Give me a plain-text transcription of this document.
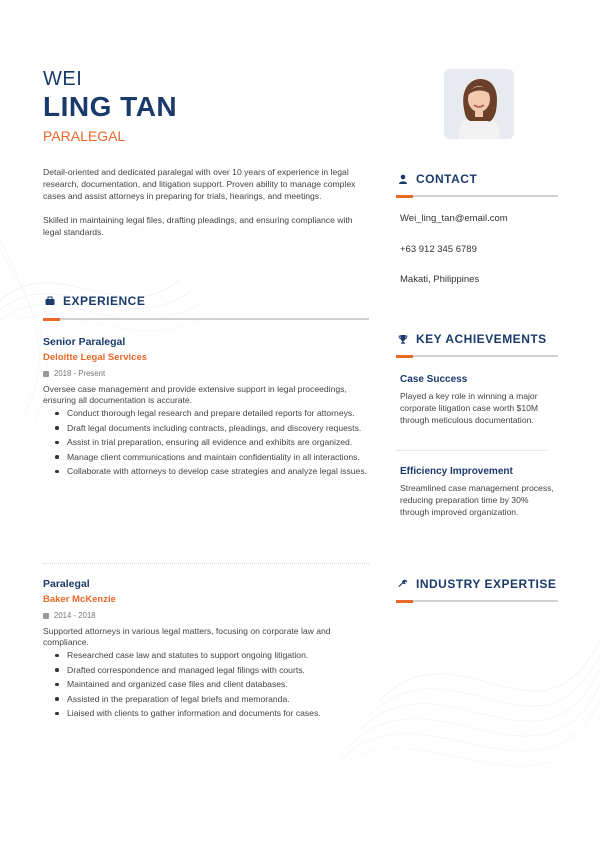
WEI
LING TAN
PARALEGAL

Detail-oriented and dedicated paralegal with over 10 years of experience in legal research, documentation, and litigation support. Proven ability to manage complex cases and assist attorneys in preparing for trials, hearings, and meetings.

Skilled in maintaining legal files, drafting pleadings, and ensuring compliance with legal standards.

EXPERIENCE
Senior Paralegal
Deloitte Legal Services
2018 - Present
Oversee case management and provide extensive support in legal proceedings, ensuring all documentation is accurate.
Conduct thorough legal research and prepare detailed reports for attorneys.
Draft legal documents including contracts, pleadings, and discovery requests.
Assist in trial preparation, ensuring all evidence and exhibits are organized.
Manage client communications and maintain confidentiality in all interactions.
Collaborate with attorneys to develop case strategies and analyze legal issues.
Paralegal
Baker McKenzie
2014 - 2018
Supported attorneys in various legal matters, focusing on corporate law and compliance.
Researched case law and statutes to support ongoing litigation.
Drafted correspondence and managed legal filings with courts.
Maintained and organized case files and client databases.
Assisted in the preparation of legal briefs and memoranda.
Liaised with clients to gather information and documents for cases.
CONTACT
Wei_ling_tan@email.com
+63 912 345 6789
Makati, Philippines
KEY ACHIEVEMENTS
Case Success
Played a key role in winning a major corporate litigation case worth $10M through meticulous documentation.
Efficiency Improvement
Streamlined case management process, reducing preparation time by 30% through improved organization.
INDUSTRY EXPERTISE
